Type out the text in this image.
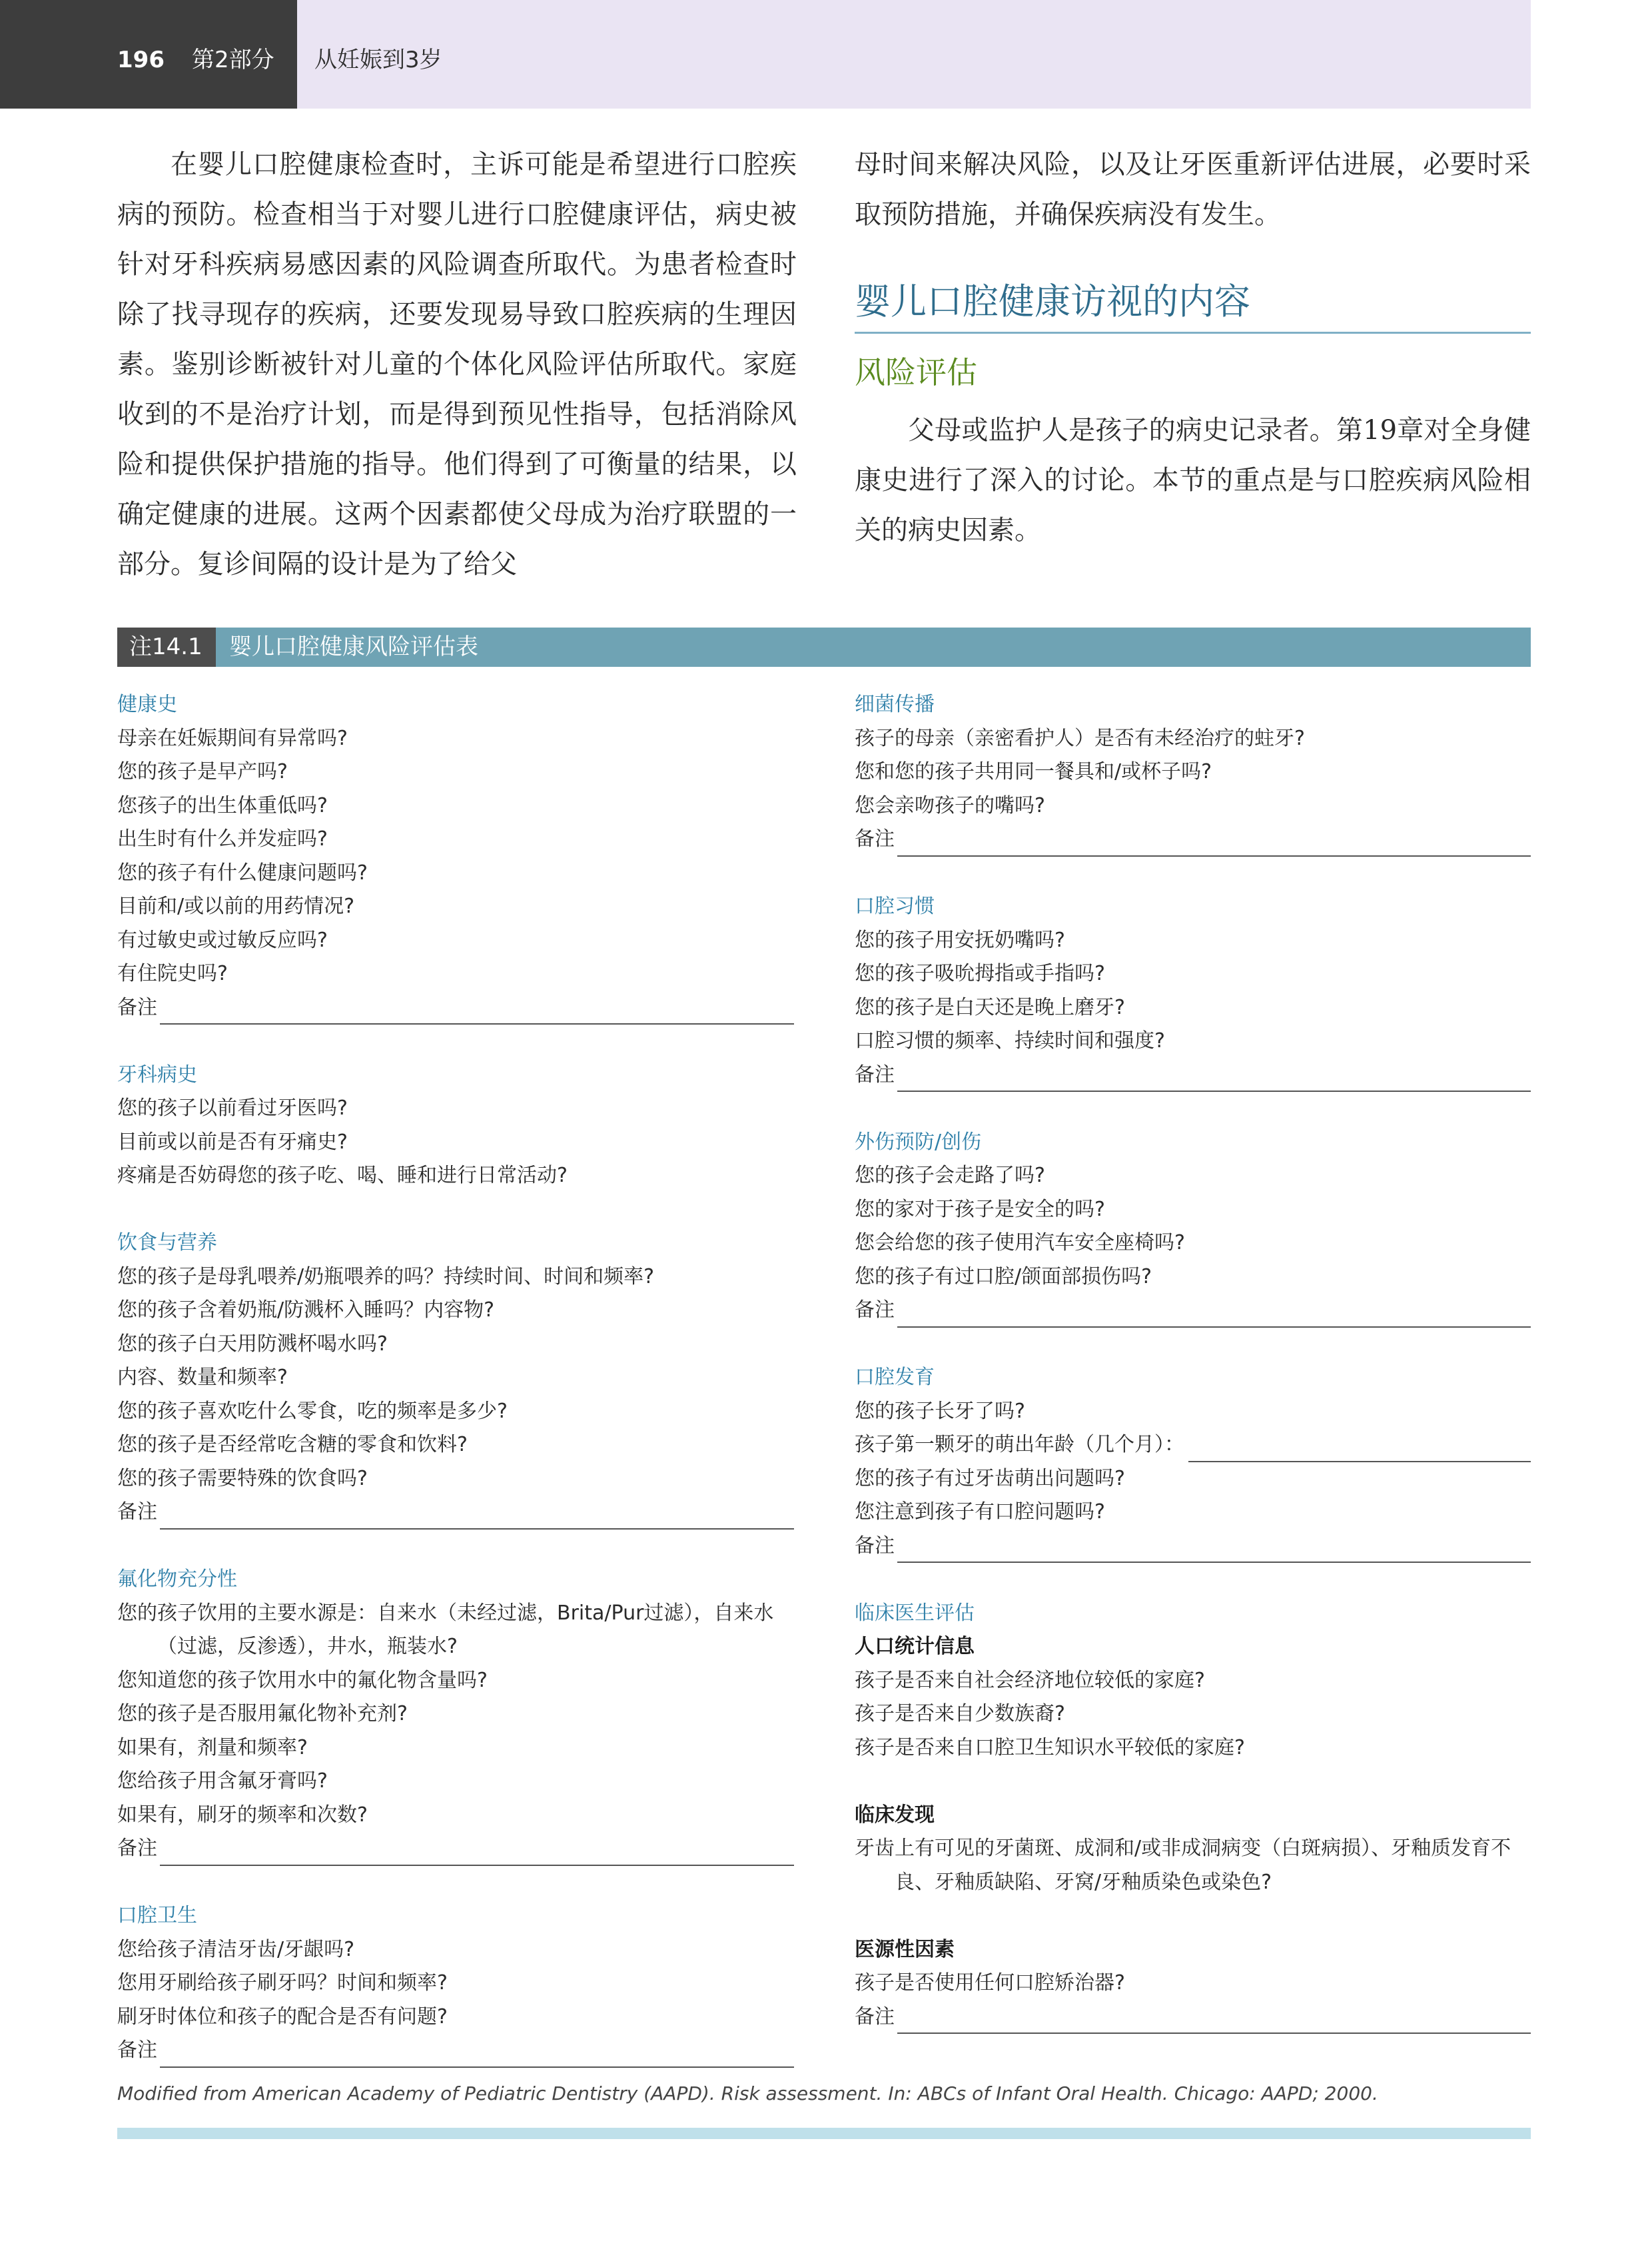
196 第2部分 从妊娠到3岁

在婴儿口腔健康检查时，主诉可能是希望进行口腔疾病的预防。检查相当于对婴儿进行口腔健康评估，病史被针对牙科疾病易感因素的风险调查所取代。为患者检查时除了找寻现存的疾病，还要发现易导致口腔疾病的生理因素。鉴别诊断被针对儿童的个体化风险评估所取代。家庭收到的不是治疗计划，而是得到预见性指导，包括消除风险和提供保护措施的指导。他们得到了可衡量的结果，以确定健康的进展。这两个因素都使父母成为治疗联盟的一部分。复诊间隔的设计是为了给父

母时间来解决风险，以及让牙医重新评估进展，必要时采取预防措施，并确保疾病没有发生。

婴儿口腔健康访视的内容
风险评估

父母或监护人是孩子的病史记录者。第19章对全身健康史进行了深入的讨论。本节的重点是与口腔疾病风险相关的病史因素。

注14.1	婴儿口腔健康风险评估表
健康史
母亲在妊娠期间有异常吗?
您的孩子是早产吗?
您孩子的出生体重低吗?
出生时有什么并发症吗?
您的孩子有什么健康问题吗?
目前和/或以前的用药情况?
有过敏史或过敏反应吗?
有住院史吗?
备注
牙科病史
您的孩子以前看过牙医吗?
目前或以前是否有牙痛史?
疼痛是否妨碍您的孩子吃、喝、睡和进行日常活动?
饮食与营养
您的孩子是母乳喂养/奶瓶喂养的吗？持续时间、时间和频率?
您的孩子含着奶瓶/防溅杯入睡吗？内容物?
您的孩子白天用防溅杯喝水吗?
内容、数量和频率?
您的孩子喜欢吃什么零食，吃的频率是多少?
您的孩子是否经常吃含糖的零食和饮料?
您的孩子需要特殊的饮食吗?
备注
氟化物充分性
您的孩子饮用的主要水源是：自来水（未经过滤，Brita/Pur过滤），自来水（过滤，反渗透），井水，瓶装水?
您知道您的孩子饮用水中的氟化物含量吗?
您的孩子是否服用氟化物补充剂?
如果有，剂量和频率?
您给孩子用含氟牙膏吗?
如果有，刷牙的频率和次数?
备注
口腔卫生
您给孩子清洁牙齿/牙龈吗?
您用牙刷给孩子刷牙吗？时间和频率?
刷牙时体位和孩子的配合是否有问题?
备注
细菌传播
孩子的母亲（亲密看护人）是否有未经治疗的蛀牙?
您和您的孩子共用同一餐具和/或杯子吗?
您会亲吻孩子的嘴吗?
备注
口腔习惯
您的孩子用安抚奶嘴吗?
您的孩子吸吮拇指或手指吗?
您的孩子是白天还是晚上磨牙?
口腔习惯的频率、持续时间和强度?
备注
外伤预防/创伤
您的孩子会走路了吗?
您的家对于孩子是安全的吗?
您会给您的孩子使用汽车安全座椅吗?
您的孩子有过口腔/颌面部损伤吗?
备注
口腔发育
您的孩子长牙了吗?
孩子第一颗牙的萌出年龄（几个月）：
您的孩子有过牙齿萌出问题吗?
您注意到孩子有口腔问题吗?
备注
临床医生评估
人口统计信息
孩子是否来自社会经济地位较低的家庭?
孩子是否来自少数族裔?
孩子是否来自口腔卫生知识水平较低的家庭?
临床发现
牙齿上有可见的牙菌斑、成洞和/或非成洞病变（白斑病损）、牙釉质发育不良、牙釉质缺陷、牙窝/牙釉质染色或染色?
医源性因素
孩子是否使用任何口腔矫治器?
备注
Modified from American Academy of Pediatric Dentistry (AAPD). Risk assessment. In: ABCs of Infant Oral Health. Chicago: AAPD; 2000.
